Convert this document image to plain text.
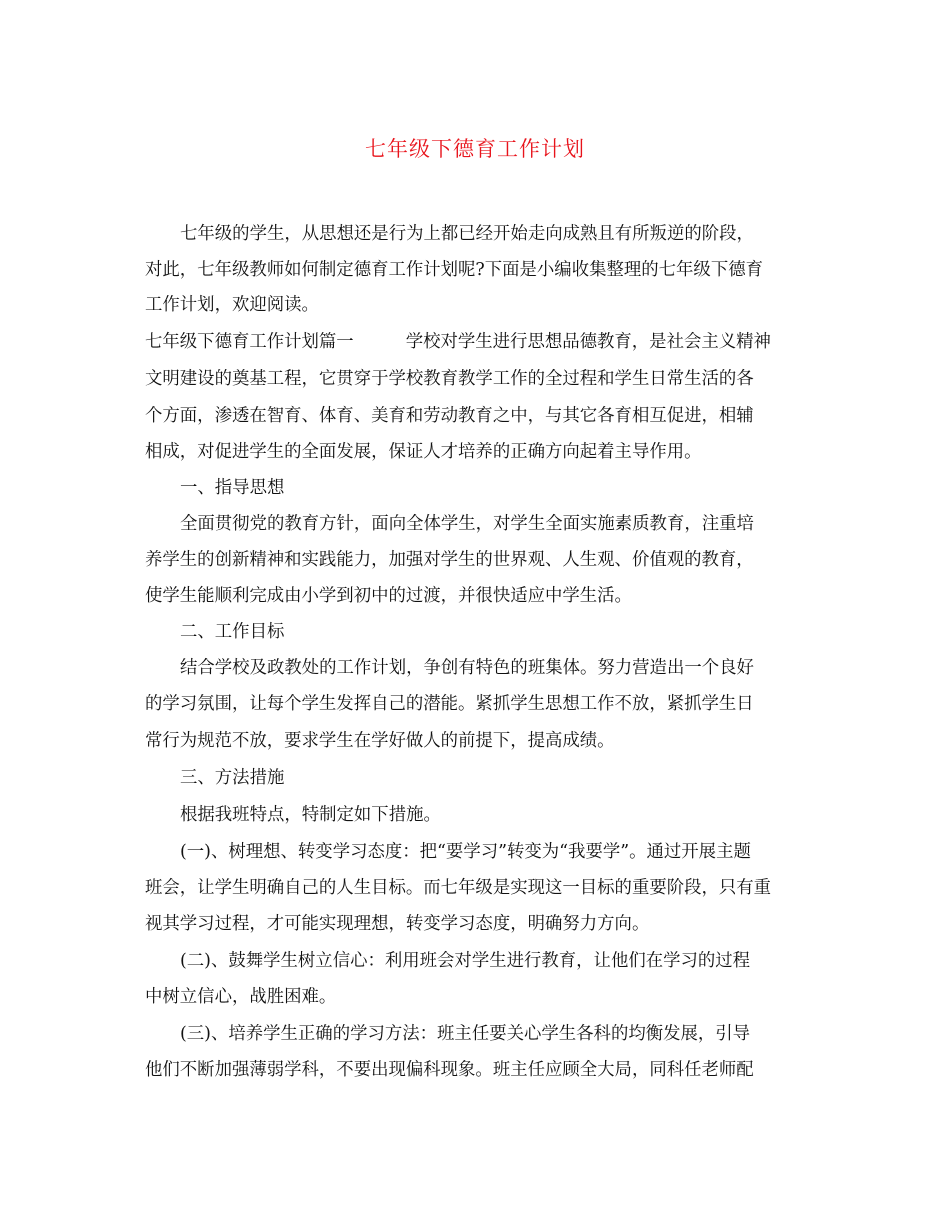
七年级下德育工作计划
七年级的学生，从思想还是行为上都已经开始走向成熟且有所叛逆的阶段，
对此，七年级教师如何制定德育工作计划呢?下面是小编收集整理的七年级下德育
工作计划，欢迎阅读。
七年级下德育工作计划篇一	学校对学生进行思想品德教育，是社会主义精神
文明建设的奠基工程，它贯穿于学校教育教学工作的全过程和学生日常生活的各
个方面，渗透在智育、体育、美育和劳动教育之中，与其它各育相互促进，相辅
相成，对促进学生的全面发展，保证人才培养的正确方向起着主导作用。
一、指导思想
全面贯彻党的教育方针，面向全体学生，对学生全面实施素质教育，注重培
养学生的创新精神和实践能力，加强对学生的世界观、人生观、价值观的教育，
使学生能顺利完成由小学到初中的过渡，并很快适应中学生活。
二、工作目标
结合学校及政教处的工作计划，争创有特色的班集体。努力营造出一个良好
的学习氛围，让每个学生发挥自己的潜能。紧抓学生思想工作不放，紧抓学生日
常行为规范不放，要求学生在学好做人的前提下，提高成绩。
三、方法措施
根据我班特点，特制定如下措施。
(一)、树理想、转变学习态度：把“要学习”转变为“我要学”。通过开展主题
班会，让学生明确自己的人生目标。而七年级是实现这一目标的重要阶段，只有重
视其学习过程，才可能实现理想，转变学习态度，明确努力方向。
(二)、鼓舞学生树立信心：利用班会对学生进行教育，让他们在学习的过程
中树立信心，战胜困难。
(三)、培养学生正确的学习方法：班主任要关心学生各科的均衡发展，引导
他们不断加强薄弱学科，不要出现偏科现象。班主任应顾全大局，同科任老师配
